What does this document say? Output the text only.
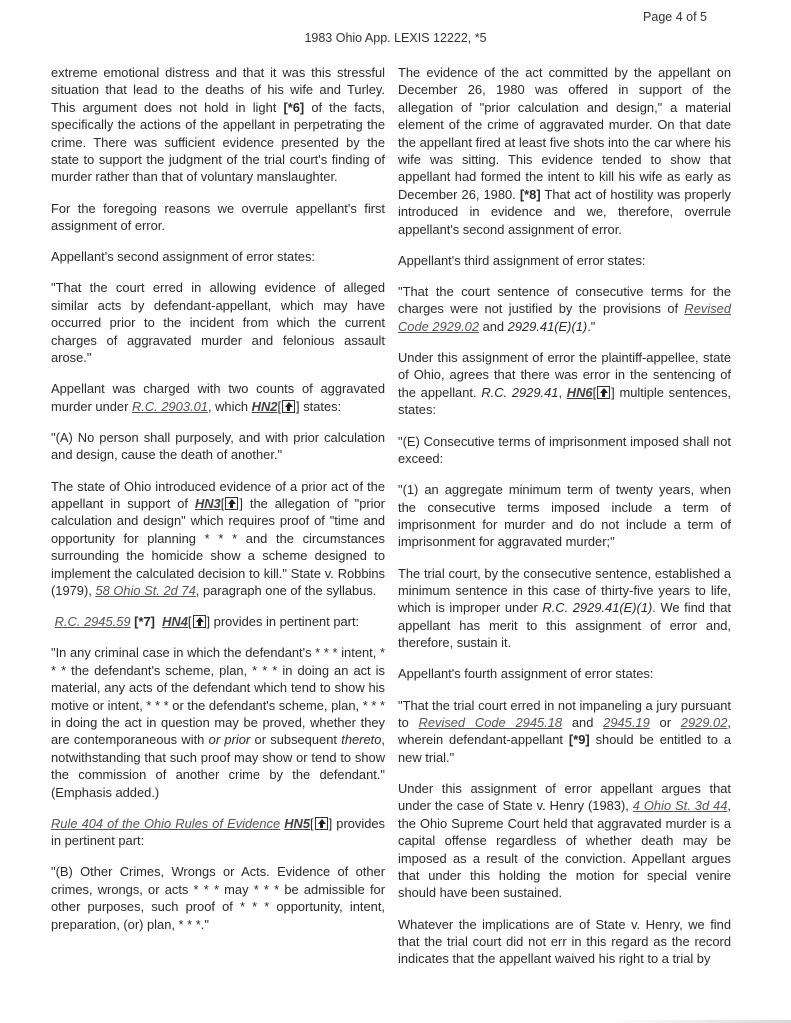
Page 4 of 5
1983 Ohio App. LEXIS 12222, *5

extreme emotional distress and that it was this stressful situation that lead to the deaths of his wife and Turley. This argument does not hold in light [*6] of the facts, specifically the actions of the appellant in perpetrating the crime. There was sufficient evidence presented by the state to support the judgment of the trial court's finding of murder rather than that of voluntary manslaughter.

For the foregoing reasons we overrule appellant's first assignment of error.

Appellant's second assignment of error states:

"That the court erred in allowing evidence of alleged similar acts by defendant-appellant, which may have occurred prior to the incident from which the current charges of aggravated murder and felonious assault arose."

Appellant was charged with two counts of aggravated murder under R.C. 2903.01, which HN2[ ] states:

"(A) No person shall purposely, and with prior calculation and design, cause the death of another."

The state of Ohio introduced evidence of a prior act of the appellant in support of HN3[ ] the allegation of "prior calculation and design" which requires proof of "time and opportunity for planning * * * and the circumstances surrounding the homicide show a scheme designed to implement the calculated decision to kill." State v. Robbins (1979), 58 Ohio St. 2d 74, paragraph one of the syllabus.

R.C. 2945.59 [*7] HN4[ ] provides in pertinent part:

"In any criminal case in which the defendant's * * * intent, * * * the defendant's scheme, plan, * * * in doing an act is material, any acts of the defendant which tend to show his motive or intent, * * * or the defendant's scheme, plan, * * * in doing the act in question may be proved, whether they are contemporaneous with or prior or subsequent thereto, notwithstanding that such proof may show or tend to show the commission of another crime by the defendant." (Emphasis added.)

Rule 404 of the Ohio Rules of Evidence HN5[ ] provides in pertinent part:

"(B) Other Crimes, Wrongs or Acts. Evidence of other crimes, wrongs, or acts * * * may * * * be admissible for other purposes, such proof of * * * opportunity, intent, preparation, (or) plan, * * *."

The evidence of the act committed by the appellant on December 26, 1980 was offered in support of the allegation of "prior calculation and design," a material element of the crime of aggravated murder. On that date the appellant fired at least five shots into the car where his wife was sitting. This evidence tended to show that appellant had formed the intent to kill his wife as early as December 26, 1980. [*8] That act of hostility was properly introduced in evidence and we, therefore, overrule appellant's second assignment of error.

Appellant's third assignment of error states:

"That the court sentence of consecutive terms for the charges were not justified by the provisions of Revised Code 2929.02 and 2929.41(E)(1)."

Under this assignment of error the plaintiff-appellee, state of Ohio, agrees that there was error in the sentencing of the appellant. R.C. 2929.41, HN6[ ] multiple sentences, states:

"(E) Consecutive terms of imprisonment imposed shall not exceed:

"(1) an aggregate minimum term of twenty years, when the consecutive terms imposed include a term of imprisonment for murder and do not include a term of imprisonment for aggravated murder;"

The trial court, by the consecutive sentence, established a minimum sentence in this case of thirty-five years to life, which is improper under R.C. 2929.41(E)(1). We find that appellant has merit to this assignment of error and, therefore, sustain it.

Appellant's fourth assignment of error states:

"That the trial court erred in not impaneling a jury pursuant to Revised Code 2945.18 and 2945.19 or 2929.02, wherein defendant-appellant [*9] should be entitled to a new trial."

Under this assignment of error appellant argues that under the case of State v. Henry (1983), 4 Ohio St. 3d 44, the Ohio Supreme Court held that aggravated murder is a capital offense regardless of whether death may be imposed as a result of the conviction. Appellant argues that under this holding the motion for special venire should have been sustained.

Whatever the implications are of State v. Henry, we find that the trial court did not err in this regard as the record indicates that the appellant waived his right to a trial by
